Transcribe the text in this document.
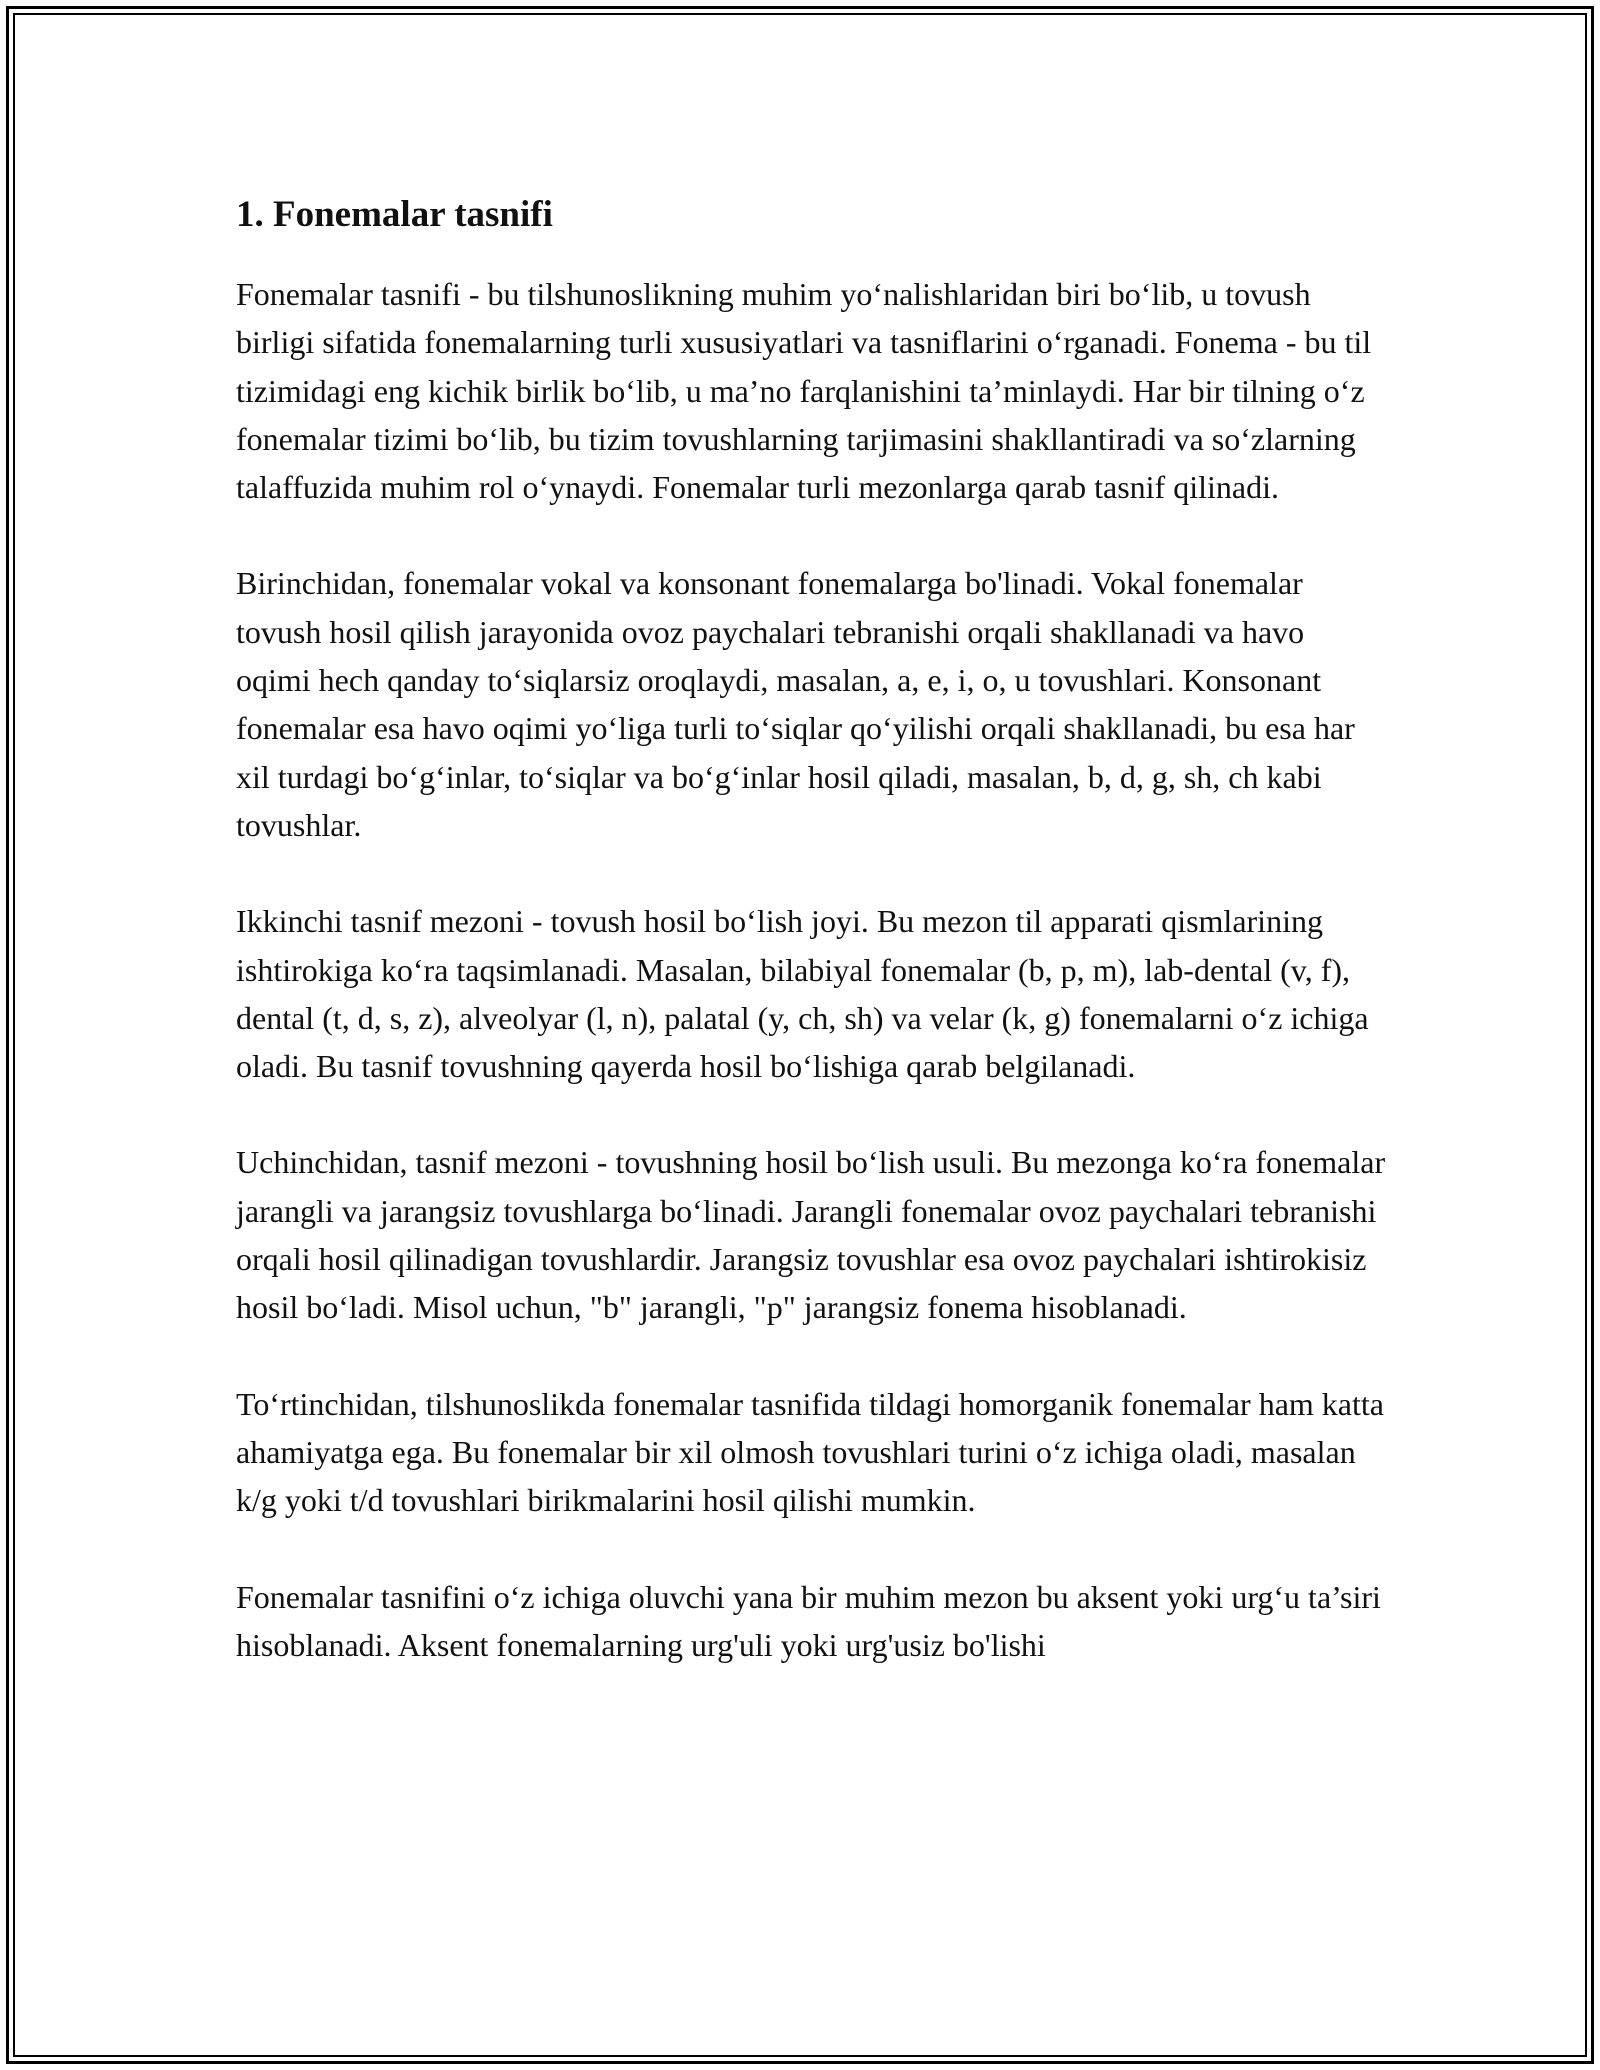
1. Fonemalar tasnifi

Fonemalar tasnifi - bu tilshunoslikning muhim yo‘nalishlaridan biri bo‘lib, u tovush birligi sifatida fonemalarning turli xususiyatlari va tasniflarini o‘rganadi. Fonema - bu til tizimidagi eng kichik birlik bo‘lib, u ma’no farqlanishini ta’minlaydi. Har bir tilning o‘z fonemalar tizimi bo‘lib, bu tizim tovushlarning tarjimasini shakllantiradi va so‘zlarning talaffuzida muhim rol o‘ynaydi. Fonemalar turli mezonlarga qarab tasnif qilinadi.

Birinchidan, fonemalar vokal va konsonant fonemalarga bo'linadi. Vokal fonemalar tovush hosil qilish jarayonida ovoz paychalari tebranishi orqali shakllanadi va havo oqimi hech qanday to‘siqlarsiz oroqlaydi, masalan, a, e, i, o, u tovushlari. Konsonant fonemalar esa havo oqimi yo‘liga turli to‘siqlar qo‘yilishi orqali shakllanadi, bu esa har xil turdagi bo‘g‘inlar, to‘siqlar va bo‘g‘inlar hosil qiladi, masalan, b, d, g, sh, ch kabi tovushlar.

Ikkinchi tasnif mezoni - tovush hosil bo‘lish joyi. Bu mezon til apparati qismlarining ishtirokiga ko‘ra taqsimlanadi. Masalan, bilabiyal fonemalar (b, p, m), lab-dental (v, f), dental (t, d, s, z), alveolyar (l, n), palatal (y, ch, sh) va velar (k, g) fonemalarni o‘z ichiga oladi. Bu tasnif tovushning qayerda hosil bo‘lishiga qarab belgilanadi.

Uchinchidan, tasnif mezoni - tovushning hosil bo‘lish usuli. Bu mezonga ko‘ra fonemalar jarangli va jarangsiz tovushlarga bo‘linadi. Jarangli fonemalar ovoz paychalari tebranishi orqali hosil qilinadigan tovushlardir. Jarangsiz tovushlar esa ovoz paychalari ishtirokisiz hosil bo‘ladi. Misol uchun, "b" jarangli, "p" jarangsiz fonema hisoblanadi.

To‘rtinchidan, tilshunoslikda fonemalar tasnifida tildagi homorganik fonemalar ham katta ahamiyatga ega. Bu fonemalar bir xil olmosh tovushlari turini o‘z ichiga oladi, masalan k/g yoki t/d tovushlari birikmalarini hosil qilishi mumkin.

Fonemalar tasnifini o‘z ichiga oluvchi yana bir muhim mezon bu aksent yoki urg‘u ta’siri hisoblanadi. Aksent fonemalarning urg'uli yoki urg'usiz bo'lishi
